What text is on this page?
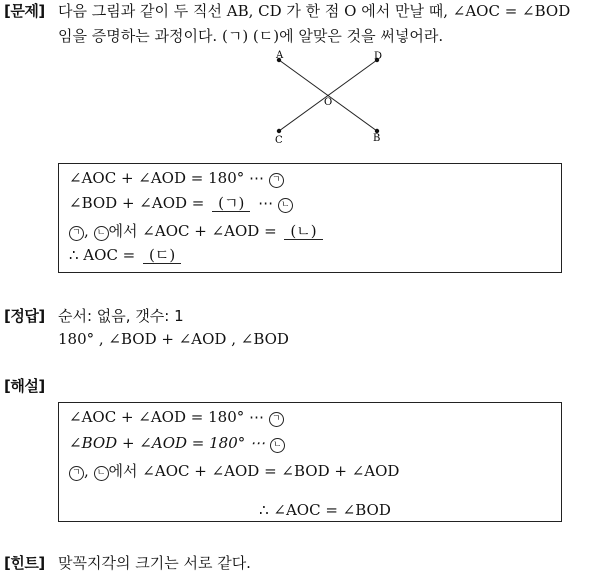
[문제] 다음 그림과 같이 두 직선 AB, CD 가 한 점 O 에서 만날 때, ∠AOC = ∠BOD
임을 증명하는 과정이다. (ㄱ) (ㄷ)에 알맞은 것을 써넣어라.
A	D
O
C	B
∠AOC + ∠AOD = 180° ⋯ ㄱ
∠BOD + ∠AOD = (ㄱ) ⋯ ㄴ
ㄱ , ㄴ 에서 ∠AOC + ∠AOD = (ㄴ)
∴ AOC = (ㄷ)
[정답] 순서: 없음, 갯수: 1
180° , ∠BOD + ∠AOD , ∠BOD
[해설]
∠AOC + ∠AOD = 180° ⋯ ㄱ
∠BOD + ∠AOD = 180° ⋯ ㄴ
ㄱ , ㄴ 에서 ∠AOC + ∠AOD = ∠BOD + ∠AOD
∴ ∠AOC = ∠BOD
[힌트] 맞꼭지각의 크기는 서로 같다.
